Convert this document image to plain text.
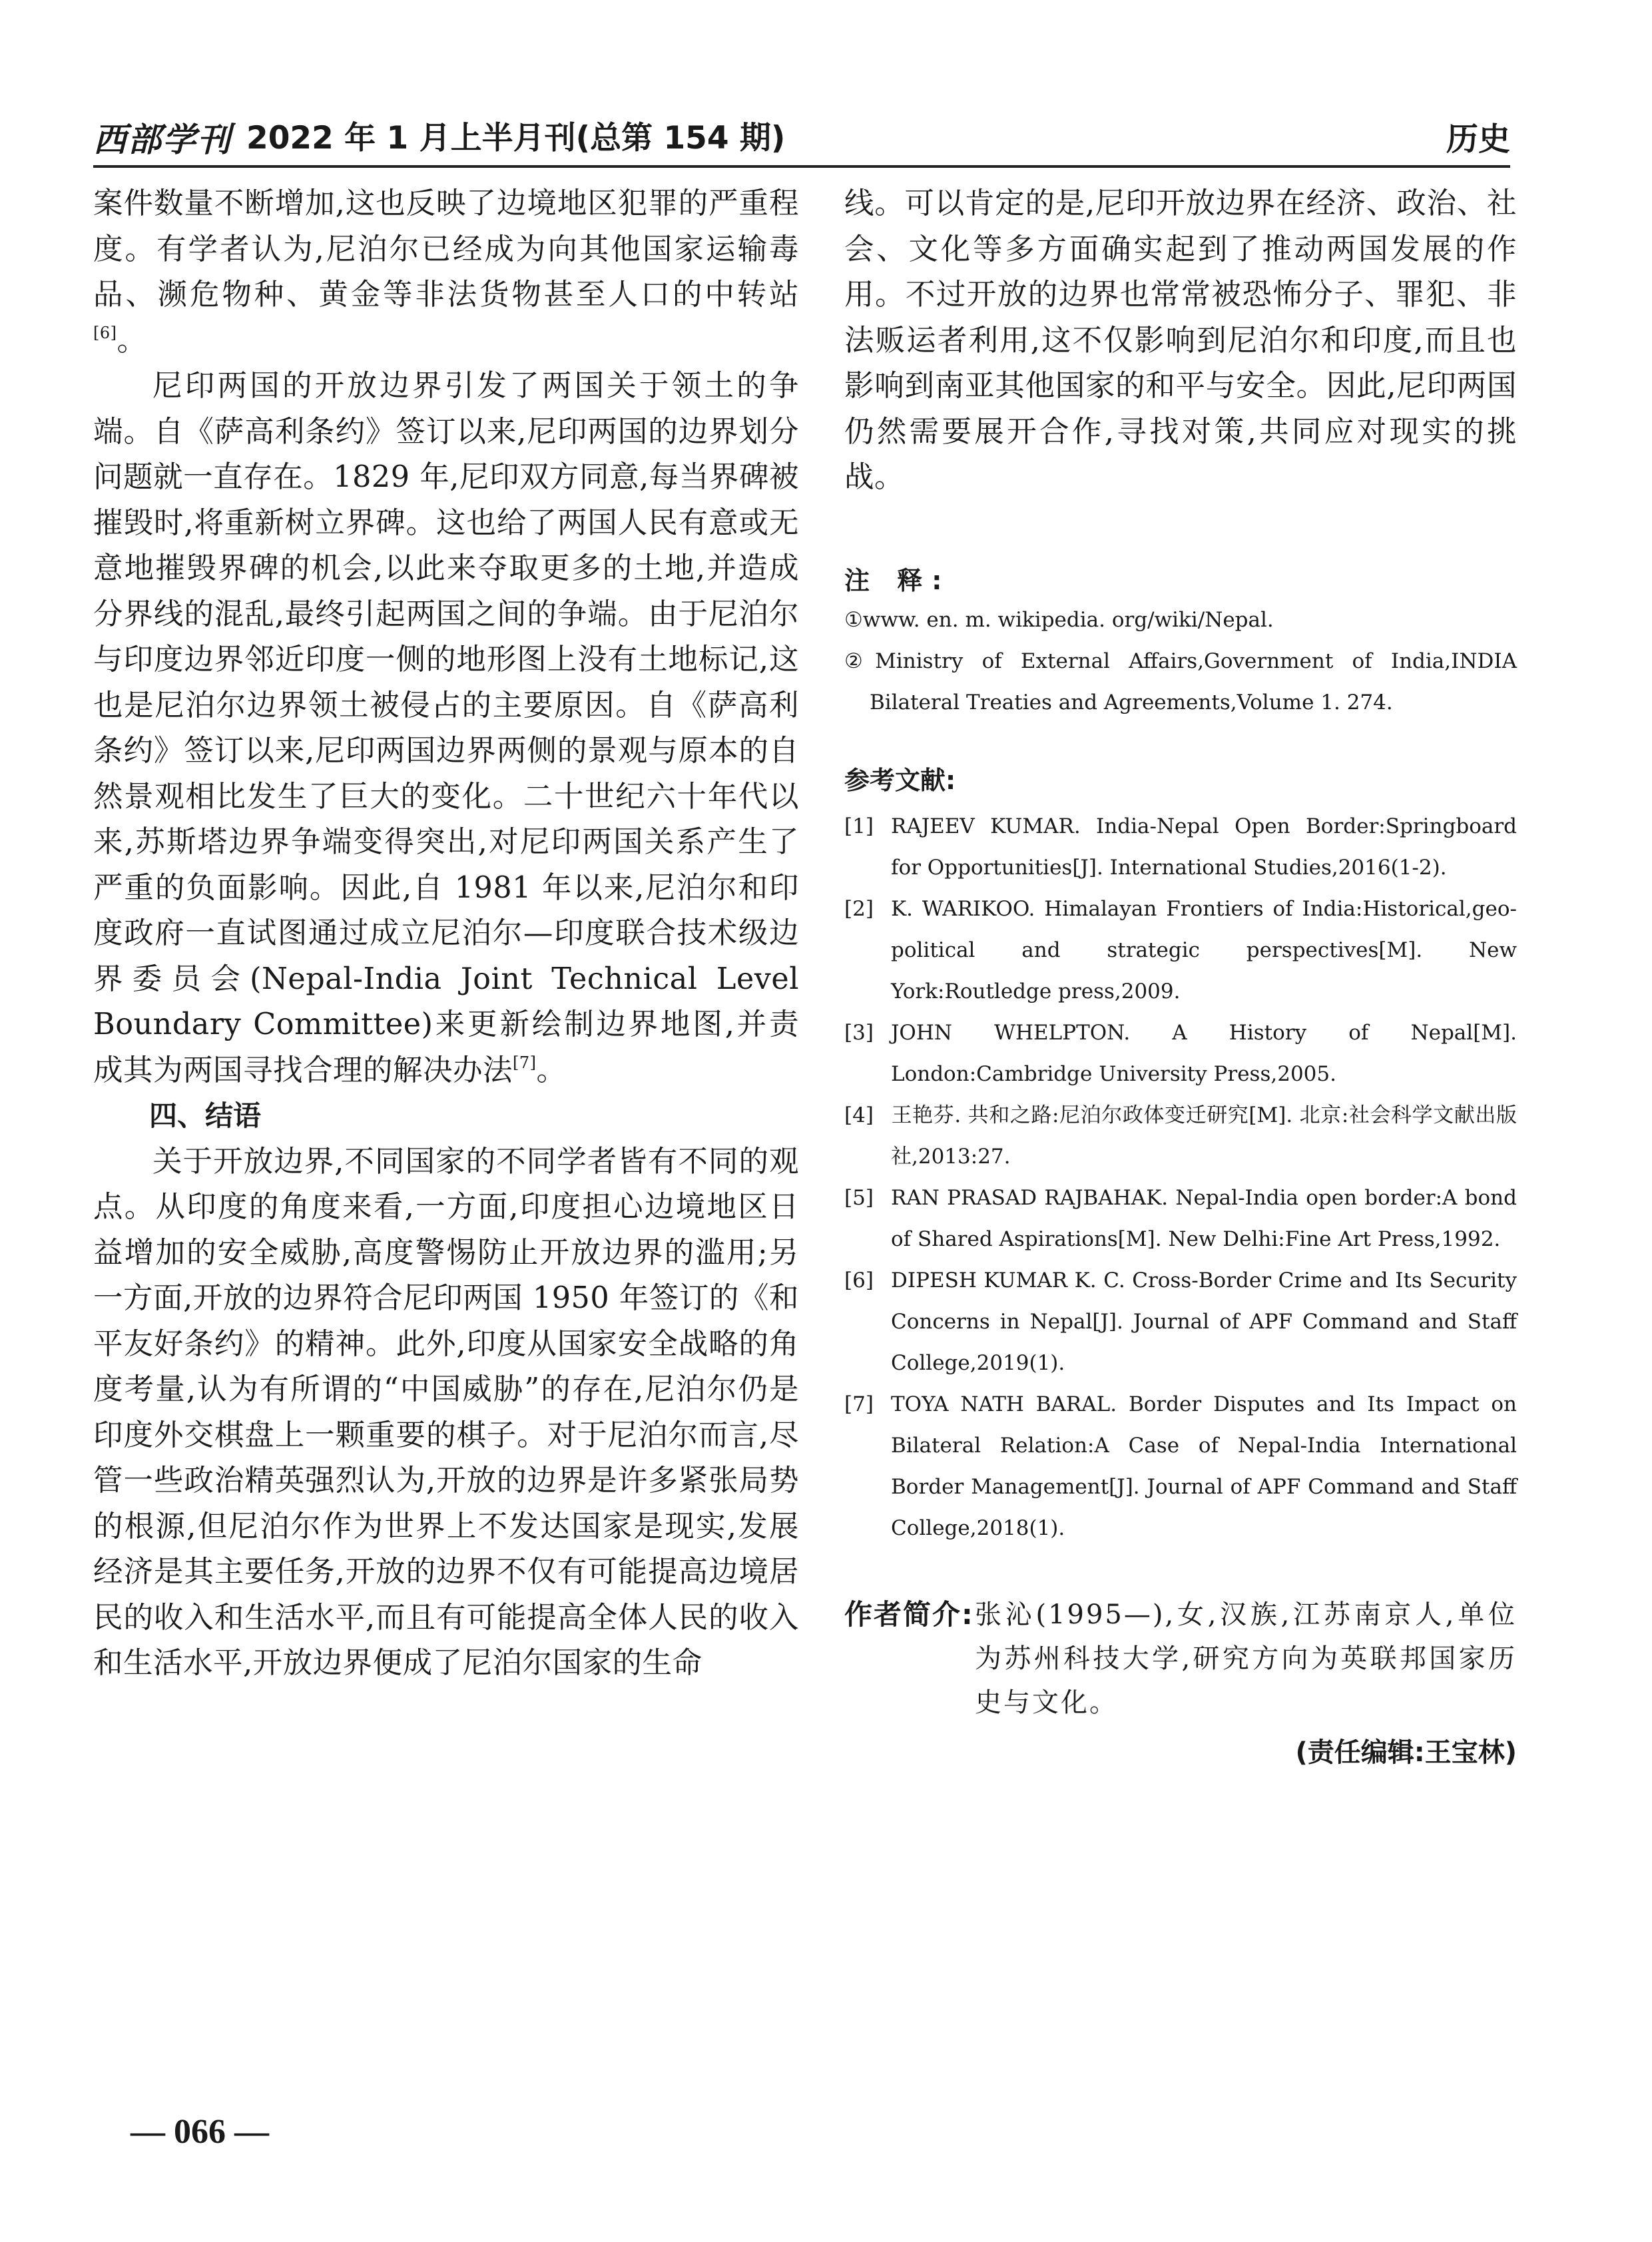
西部学刊 2022 年 1 月上半月刊(总第 154 期)	历史

案件数量不断增加,这也反映了边境地区犯罪的严重程度。有学者认为,尼泊尔已经成为向其他国家运输毒品、濒危物种、黄金等非法货物甚至人口的中转站[6]。

尼印两国的开放边界引发了两国关于领土的争端。自《萨高利条约》签订以来,尼印两国的边界划分问题就一直存在。1829 年,尼印双方同意,每当界碑被摧毁时,将重新树立界碑。这也给了两国人民有意或无意地摧毁界碑的机会,以此来夺取更多的土地,并造成分界线的混乱,最终引起两国之间的争端。由于尼泊尔与印度边界邻近印度一侧的地形图上没有土地标记,这也是尼泊尔边界领土被侵占的主要原因。自《萨高利条约》签订以来,尼印两国边界两侧的景观与原本的自然景观相比发生了巨大的变化。二十世纪六十年代以来,苏斯塔边界争端变得突出,对尼印两国关系产生了严重的负面影响。因此,自 1981 年以来,尼泊尔和印度政府一直试图通过成立尼泊尔—印度联合技术级边界委员会(Nepal-India Joint Technical Level Boundary Committee)来更新绘制边界地图,并责成其为两国寻找合理的解决办法[7]。

四、结语

关于开放边界,不同国家的不同学者皆有不同的观点。从印度的角度来看,一方面,印度担心边境地区日益增加的安全威胁,高度警惕防止开放边界的滥用;另一方面,开放的边界符合尼印两国 1950 年签订的《和平友好条约》的精神。此外,印度从国家安全战略的角度考量,认为有所谓的“中国威胁”的存在,尼泊尔仍是印度外交棋盘上一颗重要的棋子。对于尼泊尔而言,尽管一些政治精英强烈认为,开放的边界是许多紧张局势的根源,但尼泊尔作为世界上不发达国家是现实,发展经济是其主要任务,开放的边界不仅有可能提高边境居民的收入和生活水平,而且有可能提高全体人民的收入和生活水平,开放边界便成了尼泊尔国家的生命

线。可以肯定的是,尼印开放边界在经济、政治、社会、文化等多方面确实起到了推动两国发展的作用。不过开放的边界也常常被恐怖分子、罪犯、非法贩运者利用,这不仅影响到尼泊尔和印度,而且也影响到南亚其他国家的和平与安全。因此,尼印两国仍然需要展开合作,寻找对策,共同应对现实的挑战。

注 释:

①www. en. m. wikipedia. org/wiki/Nepal.

②Ministry of External Affairs,Government of India,INDIA Bilateral Treaties and Agreements,Volume 1. 274.

参考文献:

[1] RAJEEV KUMAR. India-Nepal Open Border:Springboard for Opportunities[J]. International Studies,2016(1-2).

[2] K. WARIKOO. Himalayan Frontiers of India:Historical,geo-political and strategic perspectives[M]. New York:Routledge press,2009.

[3] JOHN WHELPTON. A History of Nepal[M]. London:Cambridge University Press,2005.

[4] 王艳芬. 共和之路:尼泊尔政体变迁研究[M]. 北京:社会科学文献出版社,2013:27.

[5] RAN PRASAD RAJBAHAK. Nepal-India open border:A bond of Shared Aspirations[M]. New Delhi:Fine Art Press,1992.

[6] DIPESH KUMAR K. C. Cross-Border Crime and Its Security Concerns in Nepal[J]. Journal of APF Command and Staff College,2019(1).

[7] TOYA NATH BARAL. Border Disputes and Its Impact on Bilateral Relation:A Case of Nepal-India International Border Management[J]. Journal of APF Command and Staff College,2018(1).

作者简介: 张沁(1995—),女,汉族,江苏南京人,单位为苏州科技大学,研究方向为英联邦国家历史与文化。

(责任编辑:王宝林)
— 066 —
